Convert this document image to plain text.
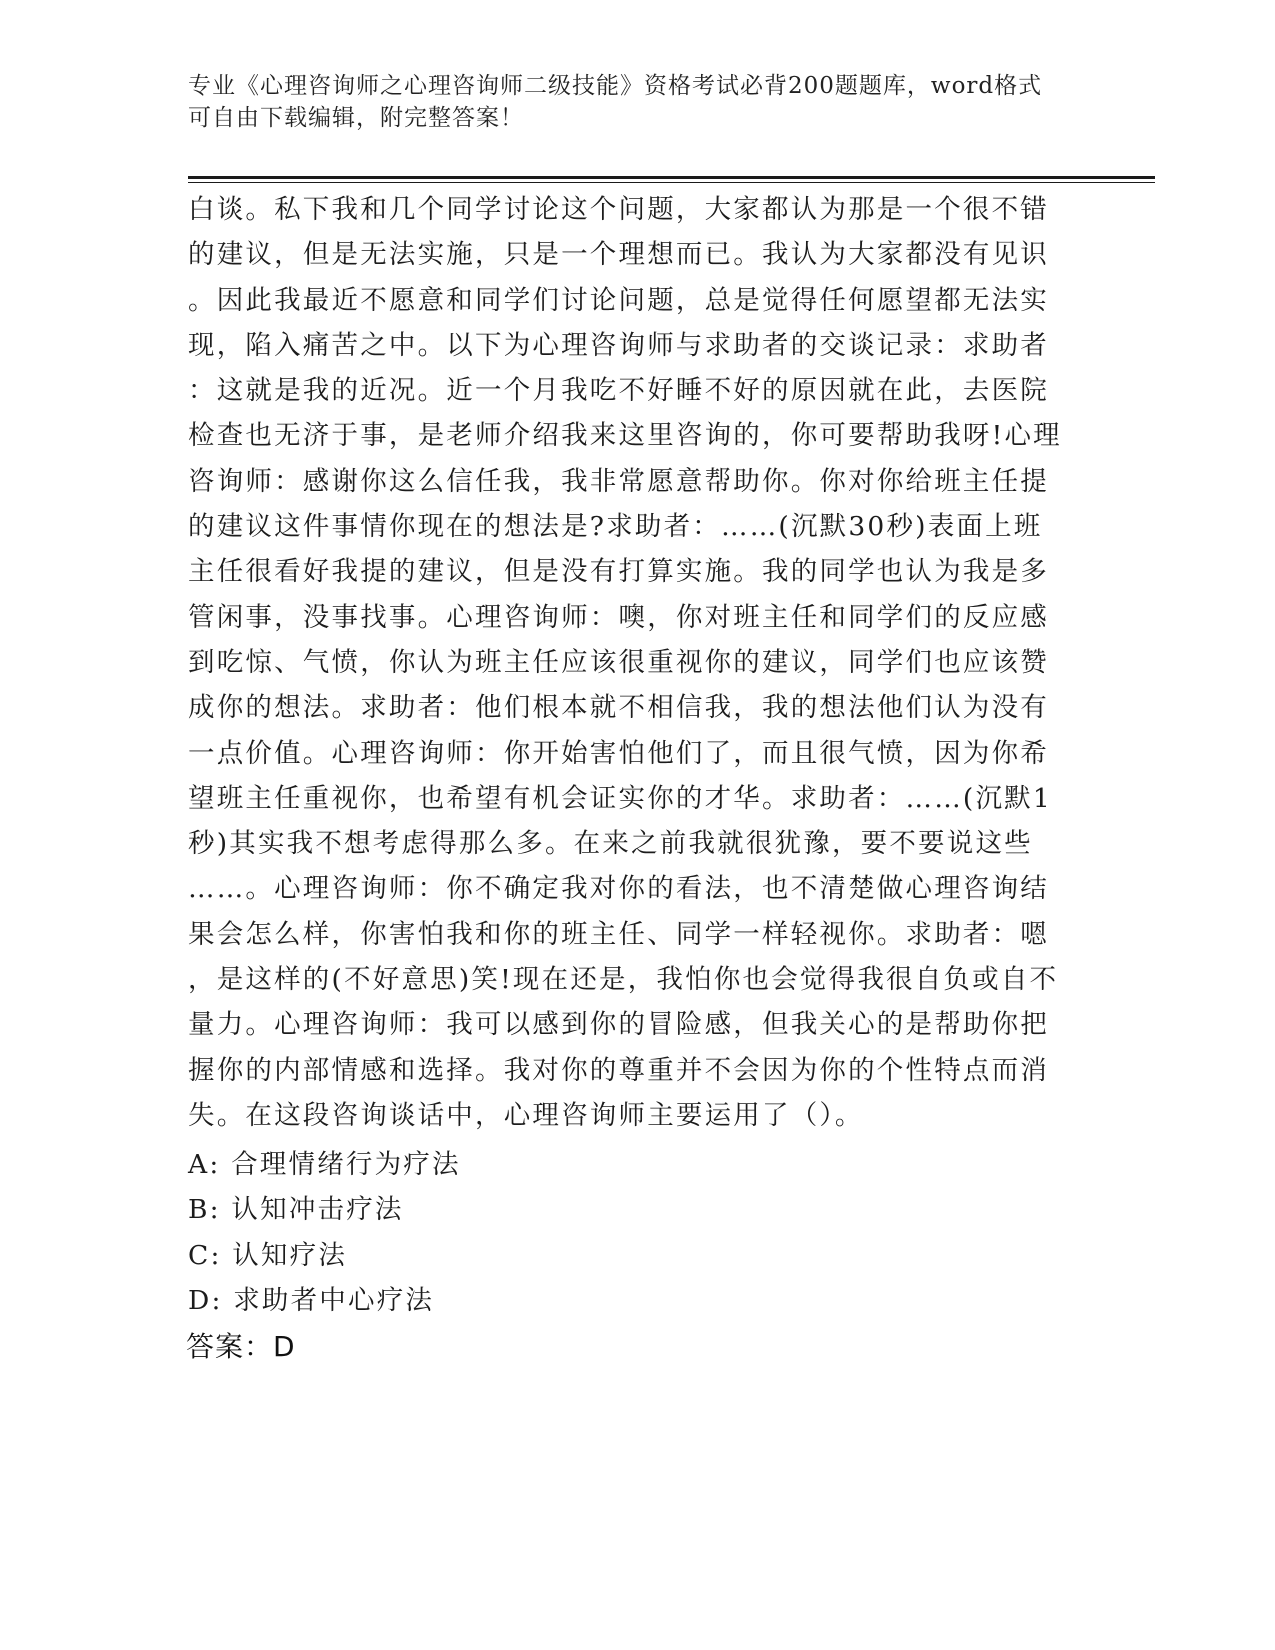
专业《心理咨询师之心理咨询师二级技能》资格考试必背200题题库，word格式
可自由下载编辑，附完整答案！
白谈。私下我和几个同学讨论这个问题，大家都认为那是一个很不错
的建议，但是无法实施，只是一个理想而已。我认为大家都没有见识
。因此我最近不愿意和同学们讨论问题，总是觉得任何愿望都无法实
现，陷入痛苦之中。以下为心理咨询师与求助者的交谈记录：求助者
：这就是我的近况。近一个月我吃不好睡不好的原因就在此，去医院
检查也无济于事，是老师介绍我来这里咨询的，你可要帮助我呀!心理
咨询师：感谢你这么信任我，我非常愿意帮助你。你对你给班主任提
的建议这件事情你现在的想法是?求助者：……(沉默30秒)表面上班
主任很看好我提的建议，但是没有打算实施。我的同学也认为我是多
管闲事，没事找事。心理咨询师：噢，你对班主任和同学们的反应感
到吃惊、气愤，你认为班主任应该很重视你的建议，同学们也应该赞
成你的想法。求助者：他们根本就不相信我，我的想法他们认为没有
一点价值。心理咨询师：你开始害怕他们了，而且很气愤，因为你希
望班主任重视你，也希望有机会证实你的才华。求助者：……(沉默1
秒)其实我不想考虑得那么多。在来之前我就很犹豫，要不要说这些
……。心理咨询师：你不确定我对你的看法，也不清楚做心理咨询结
果会怎么样，你害怕我和你的班主任、同学一样轻视你。求助者：嗯
，是这样的(不好意思)笑!现在还是，我怕你也会觉得我很自负或自不
量力。心理咨询师：我可以感到你的冒险感，但我关心的是帮助你把
握你的内部情感和选择。我对你的尊重并不会因为你的个性特点而消
失。在这段咨询谈话中，心理咨询师主要运用了（）。
A: 合理情绪行为疗法
B: 认知冲击疗法
C: 认知疗法
D: 求助者中心疗法
答案：D
